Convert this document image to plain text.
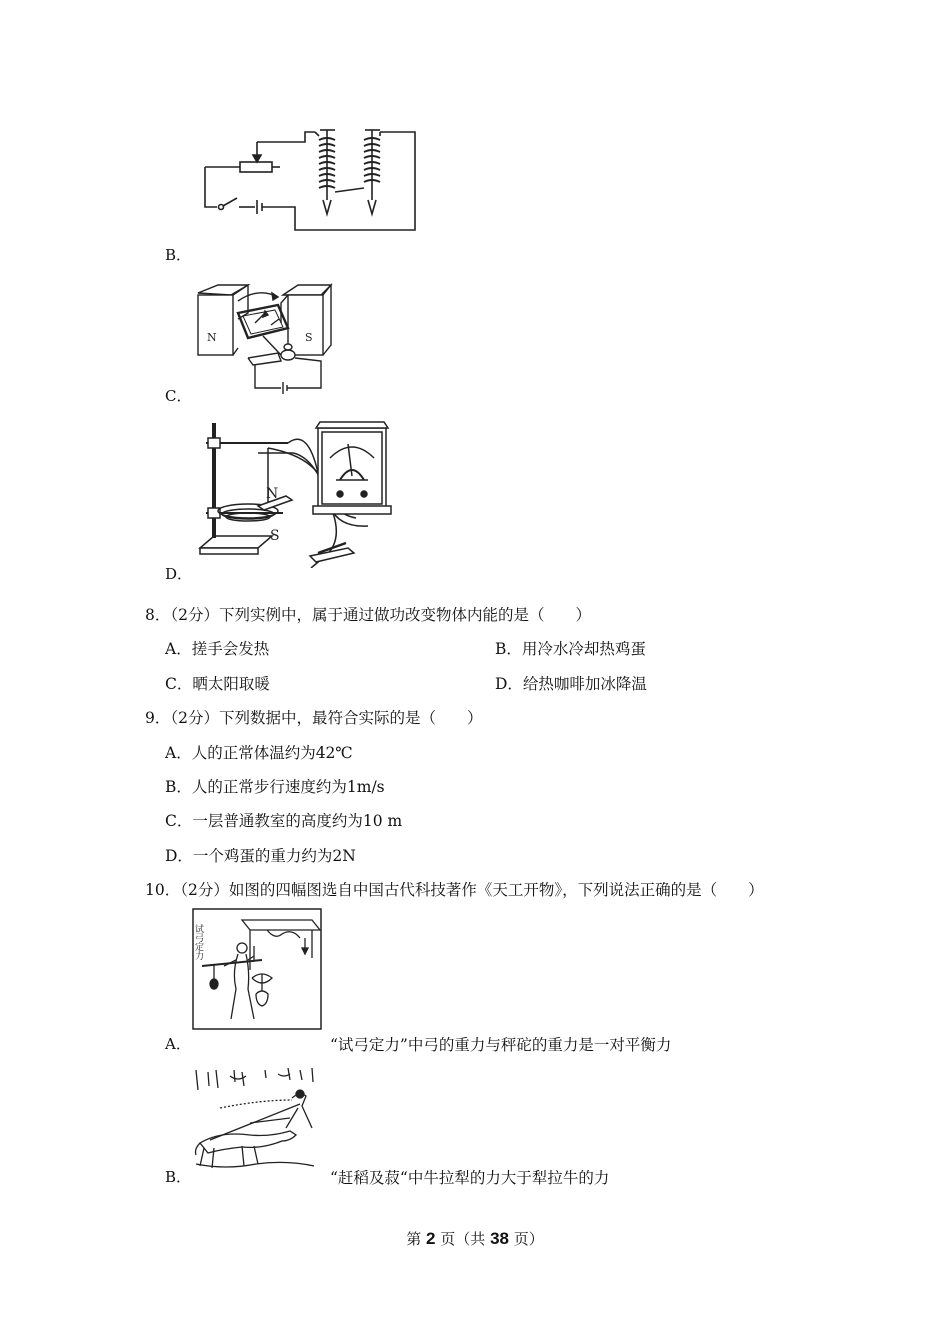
B．
N	S
C．
N
S
D．
8．（2分）下列实例中，属于通过做功改变物体内能的是（　　）
A．搓手会发热	B．用冷水冷却热鸡蛋
C．晒太阳取暖	D．给热咖啡加冰降温
9．（2分）下列数据中，最符合实际的是（　　）
A．人的正常体温约为42℃
B．人的正常步行速度约为1m/s
C．一层普通教室的高度约为10 m
D．一个鸡蛋的重力约为2N
10．（2分）如图的四幅图选自中国古代科技著作《天工开物》，下列说法正确的是（　　）
试弓定力
A．	“试弓定力”中弓的重力与秤砣的重力是一对平衡力
B．	“赶稻及菽“中牛拉犁的力大于犁拉牛的力
第 2 页（共 38 页）
